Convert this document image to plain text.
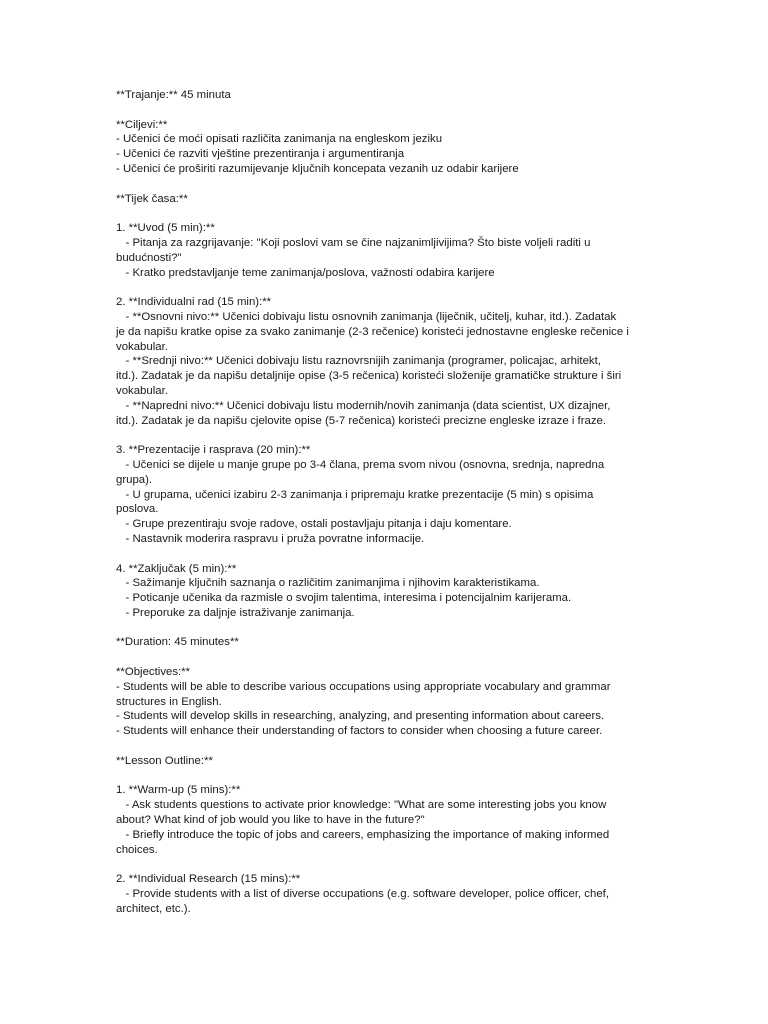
**Trajanje:** 45 minuta
**Ciljevi:**
- Učenici će moći opisati različita zanimanja na engleskom jeziku
- Učenici će razviti vještine prezentiranja i argumentiranja
- Učenici će proširiti razumijevanje ključnih koncepata vezanih uz odabir karijere
**Tijek časa:**
1. **Uvod (5 min):**
- Pitanja za razgrijavanje: "Koji poslovi vam se čine najzanimljivijima? Što biste voljeli raditi u
budućnosti?"
- Kratko predstavljanje teme zanimanja/poslova, važnosti odabira karijere
2. **Individualni rad (15 min):**
- **Osnovni nivo:** Učenici dobivaju listu osnovnih zanimanja (liječnik, učitelj, kuhar, itd.). Zadatak
je da napišu kratke opise za svako zanimanje (2-3 rečenice) koristeći jednostavne engleske rečenice i
vokabular.
- **Srednji nivo:** Učenici dobivaju listu raznovrsnijih zanimanja (programer, policajac, arhitekt,
itd.). Zadatak je da napišu detaljnije opise (3-5 rečenica) koristeći složenije gramatičke strukture i širi
vokabular.
- **Napredni nivo:** Učenici dobivaju listu modernih/novih zanimanja (data scientist, UX dizajner,
itd.). Zadatak je da napišu cjelovite opise (5-7 rečenica) koristeći precizne engleske izraze i fraze.
3. **Prezentacije i rasprava (20 min):**
- Učenici se dijele u manje grupe po 3-4 člana, prema svom nivou (osnovna, srednja, napredna
grupa).
- U grupama, učenici izabiru 2-3 zanimanja i pripremaju kratke prezentacije (5 min) s opisima
poslova.
- Grupe prezentiraju svoje radove, ostali postavljaju pitanja i daju komentare.
- Nastavnik moderira raspravu i pruža povratne informacije.
4. **Zaključak (5 min):**
- Sažimanje ključnih saznanja o različitim zanimanjima i njihovim karakteristikama.
- Poticanje učenika da razmisle o svojim talentima, interesima i potencijalnim karijerama.
- Preporuke za daljnje istraživanje zanimanja.
**Duration: 45 minutes**
**Objectives:**
- Students will be able to describe various occupations using appropriate vocabulary and grammar
structures in English.
- Students will develop skills in researching, analyzing, and presenting information about careers.
- Students will enhance their understanding of factors to consider when choosing a future career.
**Lesson Outline:**
1. **Warm-up (5 mins):**
- Ask students questions to activate prior knowledge: "What are some interesting jobs you know
about? What kind of job would you like to have in the future?"
- Briefly introduce the topic of jobs and careers, emphasizing the importance of making informed
choices.
2. **Individual Research (15 mins):**
- Provide students with a list of diverse occupations (e.g. software developer, police officer, chef,
architect, etc.).
